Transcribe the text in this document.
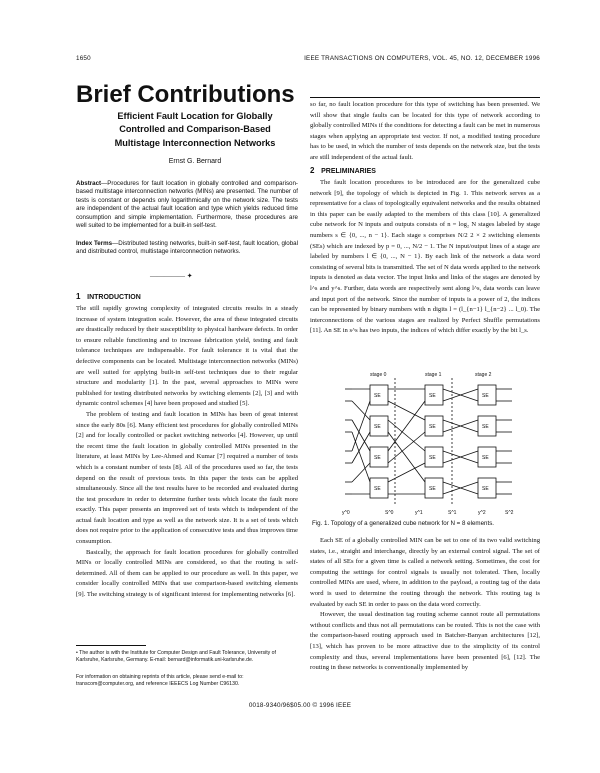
1650	IEEE TRANSACTIONS ON COMPUTERS, VOL. 45, NO. 12, DECEMBER 1996
Brief Contributions
Efficient Fault Location for Globally
Controlled and Comparison-Based
Multistage Interconnection Networks
Ernst G. Bernard
Abstract—Procedures for fault location in globally controlled and comparison-based multistage interconnection networks (MINs) are presented. The number of tests is constant or depends only logarithmically on the network size. The tests are independent of the actual fault location and type which yields reduced time consumption and simple implementation. Furthermore, these procedures are well suited to be implemented for a built-in self-test.
Index Terms—Distributed testing networks, built-in self-test, fault location, global and distributed control, multistage interconnection networks.
————— ✦
1 INTRODUCTION

The still rapidly growing complexity of integrated circuits results in a steady increase of system integration scale. However, the area of these integrated circuits are drastically reduced by their susceptibility to physical hardware defects. In order to ensure reliable functioning and to increase fabrication yield, testing and fault tolerance techniques are indispensable. For fault tolerance it is vital that the defective components can be located. Multistage interconnection networks (MINs) are well suited for applying built-in self-test techniques due to their regular structure and modularity [1]. In the past, several approaches to MINs were published for testing distributed networks by switching elements [2], [3] and with dynamic control schemes [4] have been proposed and studied [5].

The problem of testing and fault location in MINs has been of great interest since the early 80s [6]. Many efficient test procedures for globally controlled MINs [2] and for locally controlled or packet switching networks [4]. However, up until the recent time the fault location in globally controlled MINs presented in the literature, at least MINs by Lee-Ahmed and Kumar [7] required a number of tests which is a constant number of tests [8]. All of the procedures used so far, the tests depend on the result of previous tests. In this paper the tests can be applied simultaneously. Since all the test results have to be recorded and evaluated during the test procedure in order to determine further tests which locate the fault more exactly. This paper presents an improved set of tests which is independent of the actual fault location and type as well as the network size. It is a set of tests which does not require prior to the application of consecutive tests and thus improves time consumption.

Basically, the approach for fault location procedures for globally controlled MINs or locally controlled MINs are considered, so that the routing is self-determined. All of them can be applied to our procedure as well. In this paper, we consider locally controlled MINs that use comparison-based switching elements [9]. The switching strategy is of significant interest for implementing networks [6].

• The author is with the Institute for Computer Design and Fault Tolerance, University of Karlsruhe, Karlsruhe, Germany. E-mail: bernard@informatik.uni-karlsruhe.de.
For information on obtaining reprints of this article, please send e-mail to: transcom@computer.org, and reference IEEECS Log Number C96130.

so far, no fault location procedure for this type of switching has been presented. We will show that single faults can be located for this type of network according to globally controlled MINs if the conditions for detecting a fault can be met in numerous stages when applying an appropriate test vector. If not, a modified testing procedure has to be used, in which the number of tests depends on the network size, but the tests are still independent of the actual fault.

2 PRELIMINARIES

The fault location procedures to be introduced are for the generalized cube network [9], the topology of which is depicted in Fig. 1. This network serves as a representative for a class of topologically equivalent networks and the results obtained in this paper can be easily adapted to the members of this class [10]. A generalized cube network for N inputs and outputs consists of n = log₂ N stages labeled by stage numbers s ∈ {0, ..., n − 1}. Each stage s comprises N/2 2 × 2 switching elements (SEs) which are indexed by p = 0, ..., N/2 − 1. The N input/output lines of a stage are labeled by numbers l ∈ {0, ..., N − 1}. By each link of the network a data word consisting of several bits is transmitted. The set of N data words applied to the network inputs is denoted as data vector. The input links and links of the stages are denoted by l^s and y^s. Further, data words are respectively sent along l^s, data words can leave and input port of the network. Since the number of inputs is a power of 2, the indices can be represented by binary numbers with n digits l = (l_{n−1} l_{n−2} ... l_0). The interconnections of the various stages are realized by Perfect Shuffle permutations [11]. An SE in s^s has two inputs, the indices of which differ exactly by the bit l_s.

stage 0	stage 1	stage 2
SE
SE
SE
SE
SE
SE
SE
SE
SE
SE
SE
SE
y^0	S^0	y^1	S^1	y^2	S^2
Fig. 1. Topology of a generalized cube network for N = 8 elements.

Each SE of a globally controlled MIN can be set to one of its two valid switching states, i.e., straight and interchange, directly by an external control signal. The set of states of all SEs for a given time is called a network setting. Sometimes, the cost for computing the settings for control signals is usually not tolerated. Then, locally controlled MINs are used, where, in addition to the payload, a routing tag of the data word is used to determine the routing through the network. This routing tag is evaluated by each SE in order to pass on the data word correctly.

However, the usual destination tag routing scheme cannot route all permutations without conflicts and thus not all permutations can be routed. This is not the case with the comparison-based routing approach used in Batcher-Banyan architectures [12], [13], which has proven to be more attractive due to the simplicity of its control complexity and thus, several implementations have been presented [6], [12]. The routing in these networks is conventionally implemented by

0018-9340/96$05.00 © 1996 IEEE
